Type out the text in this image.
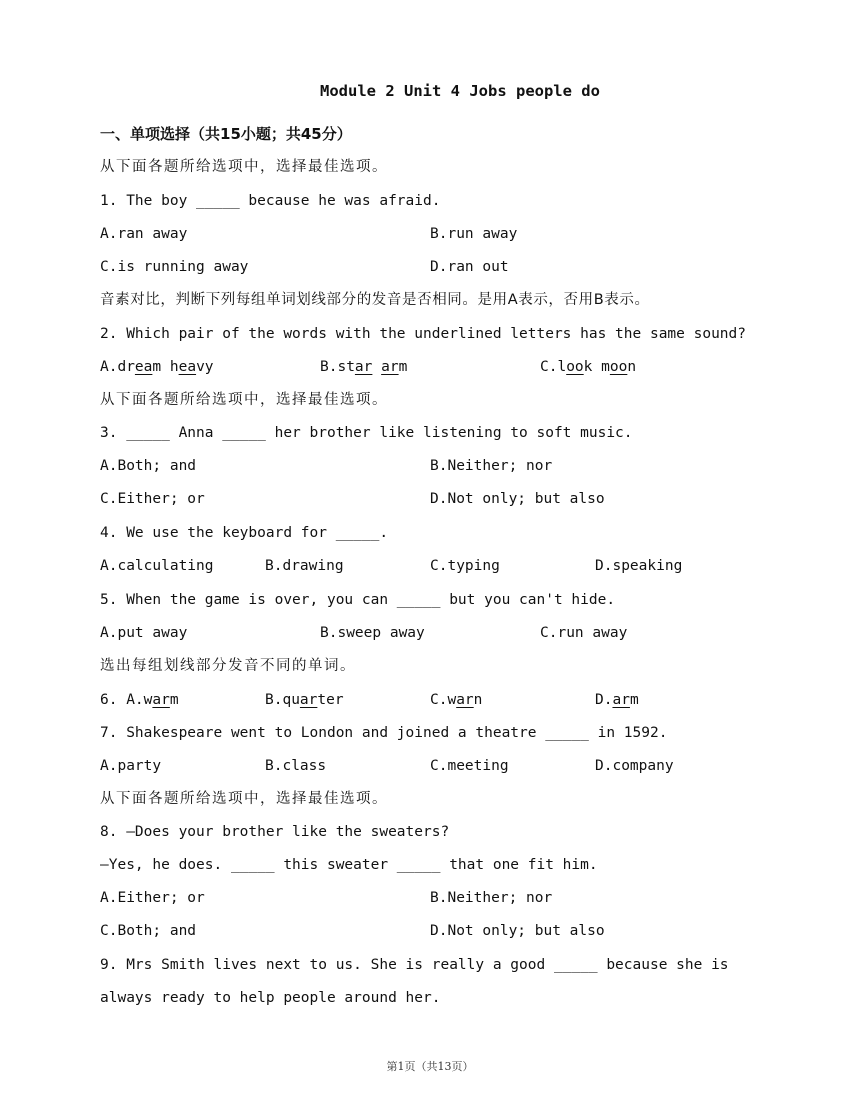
Module 2 Unit 4 Jobs people do
一、单项选择（共15小题；共45分）
从下面各题所给选项中，选择最佳选项。
1. The boy _____ because he was afraid.
A.ran away	B.run away
C.is running away	D.ran out
音素对比，判断下列每组单词划线部分的发音是否相同。是用A表示，否用B表示。
2. Which pair of the words with the underlined letters has the same sound?
A.dream heavy	B.star arm	C.look moon
从下面各题所给选项中，选择最佳选项。
3. _____ Anna _____ her brother like listening to soft music.
A.Both; and	B.Neither; nor
C.Either; or	D.Not only; but also
4. We use the keyboard for _____.
A.calculating	B.drawing	C.typing	D.speaking
5. When the game is over, you can _____ but you can't hide.
A.put away	B.sweep away	C.run away
选出每组划线部分发音不同的单词。
6. A.warm	B.quarter	C.warn	D.arm
7. Shakespeare went to London and joined a theatre _____ in 1592.
A.party	B.class	C.meeting	D.company
从下面各题所给选项中，选择最佳选项。
8. —Does your brother like the sweaters?
—Yes, he does. _____ this sweater _____ that one fit him.
A.Either; or	B.Neither; nor
C.Both; and	D.Not only; but also
9. Mrs Smith lives next to us. She is really a good _____ because she is
always ready to help people around her.
第1页（共13页）
